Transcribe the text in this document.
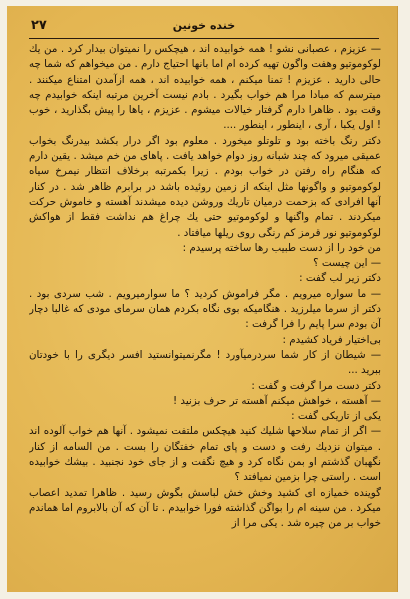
۲۷	خنده خونین

— عزیزم ، عصبانی نشو ! همه خوابیده اند ، هیچکس را نمیتوان بیدار کرد . من یك لوکوموتیو وهفت واگون تهیه کرده ام اما بانها احتیاج دارم . من میخواهم که شما چه حالی دارید . عزیزم ! تمنا میکنم ، همه خوابیده اند ، همه ازآمدن امتناع میکنند . میترسم که مبادا مرا هم خواب بگیرد . بادم نیست آخرین مرتبه اینکه خوابیدم چه وقت بود . ظاهرا دارم گرفتار خیالات میشوم . عزیزم ، یاها را پیش بگذارید ، خوب ! اول یکبا ، آری ، اینطور ، اینطور ....

دکتر رنگ باخته بود و تلوتلو میخورد . معلوم بود اگر درار بکشد بیدرنگ بخواب عمیقی میرود که چند شبانه روز دوام خواهد یافت . پاهای من خم میشد . یقین دارم که هنگام راه رفتن در خواب بودم . زیرا بکمرتبه برخلاف انتظار نیمرخ سیاه لوکوموتیو و واگونها مثل اینکه از زمین روئیده باشد در برابرم ظاهر شد . در کنار آنها افرادی که بزحمت درمیان تاریك وروشن دیده میشدند آهسته و خاموش حرکت میکردند . تمام واگنها و لوکوموتیو حتی یك چراغ هم نداشت فقط از هواکش لوکوموتیو نور قرمز کم رنگی روی ریلها میافتاد .

من خود را از دست طبیب رها ساخته پرسیدم :

— این چیست ؟

دکتر زیر لب گفت :

— ما سواره میرویم . مگر فراموش کردید ؟ ما سوارمیرویم . شب سردی بود . دکتر از سرما میلرزید . هنگامیکه بوی نگاه بکردم همان سرمای مودی که غالبا دچار آن بودم سرا پایم را فرا گرفت :

بی‌اختیار فریاد کشیدم :

— شیطان از کار شما سردرمیآورد ! مگرنمیتوانستید افسر دیگری را با خودتان ببرید ...

دکتر دست مرا گرفت و گفت :

— آهسته ، خواهش میکنم آهسته تر حرف بزنید !

یکی از تاریکی گفت :

— اگر از تمام سلاحها شلیك کنید هیچکس ملتفت نمیشود . آنها هم خواب آلوده اند . میتوان نزدیك رفت و دست و پای تمام خفتگان را بست . من السامه از کنار نگهبان گذشتم او بمن نگاه کرد و هیچ نگفت و از جای خود نجنبید . بیشك خوابیده است . راستی چرا بزمین نمیافتد ؟

گوینده خمیازه ای کشید وخش خش لباسش بگوش رسید . ظاهرا تمدید اعصاب میکرد . من سینه ام را بواگن گذاشته فورا خوابیدم . تا آن که آن بالابروم اما هماندم خواب بر من چیره شد . یکی مرا از
